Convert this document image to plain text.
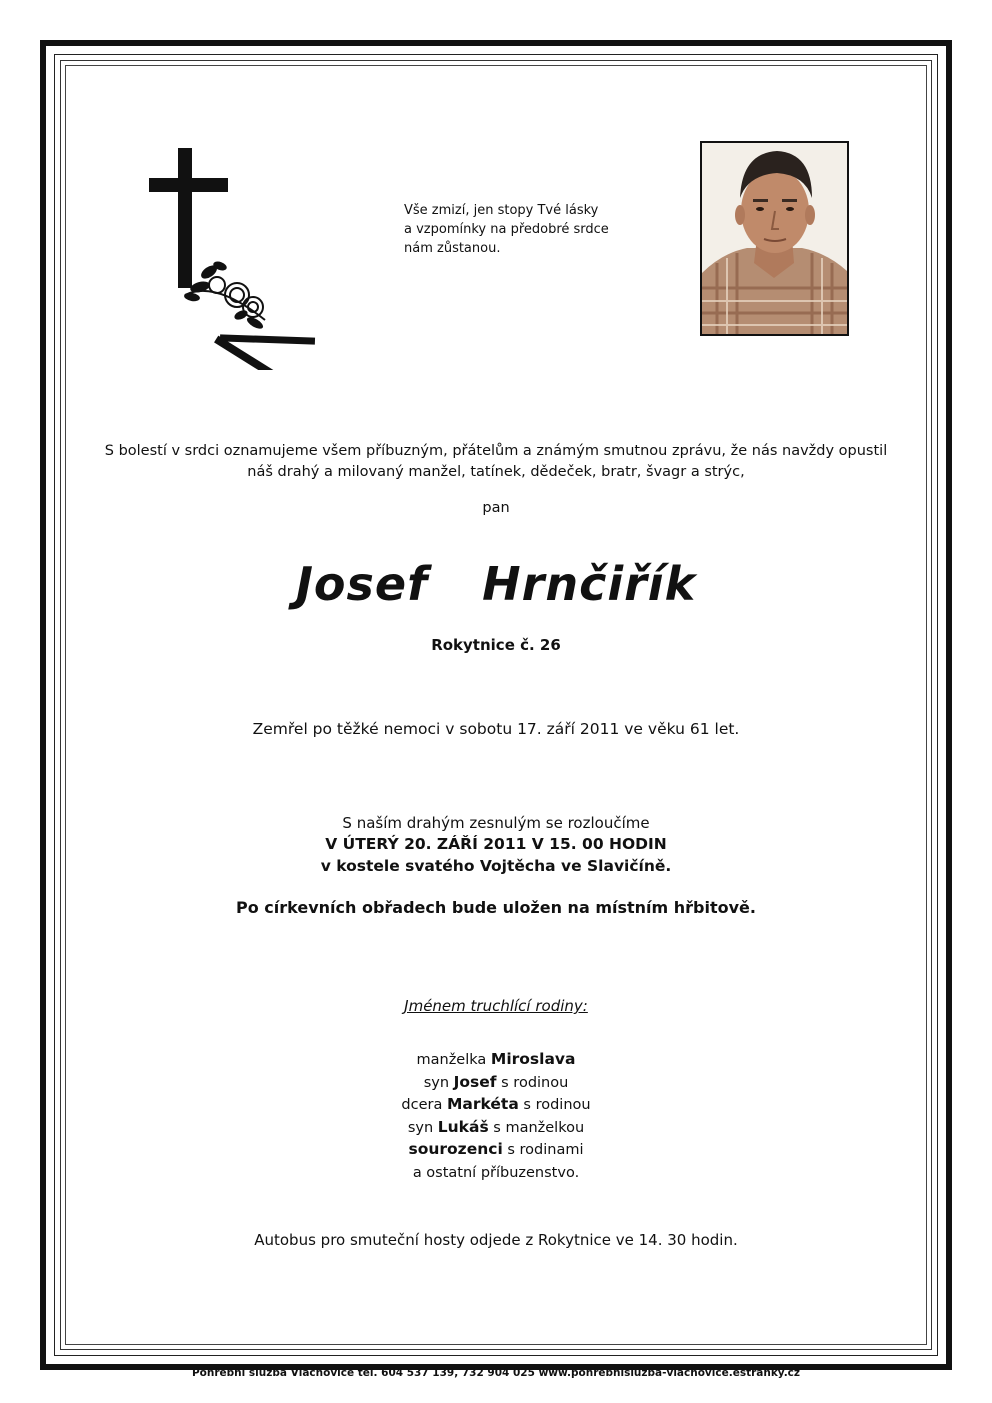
Vše zmizí, jen stopy Tvé lásky
a vzpomínky na předobré srdce
nám zůstanou.
S bolestí v srdci oznamujeme všem příbuzným, přátelům a známým smutnou zprávu, že nás navždy opustil
náš drahý a milovaný manžel, tatínek, dědeček, bratr, švagr a strýc,
pan
Josef  Hrnčiřík
Rokytnice č. 26
Zemřel po těžké nemoci v sobotu 17. září 2011 ve věku 61 let.
S naším drahým zesnulým se rozloučíme
V ÚTERÝ 20. ZÁŘÍ 2011 V 15. 00 HODIN
v kostele svatého Vojtěcha ve Slavičíně.
Po církevních obřadech bude uložen na místním hřbitově.
Jménem truchlící rodiny:
manželka Miroslava
syn Josef s rodinou
dcera Markéta s rodinou
syn Lukáš s manželkou
sourozenci s rodinami
a ostatní příbuzenstvo.
Autobus pro smuteční hosty odjede z Rokytnice ve 14. 30 hodin.
Pohřební služba Vlachovice tel. 604 537 139, 732 904 025 www.pohrebnisluzba-vlachovice.estranky.cz
